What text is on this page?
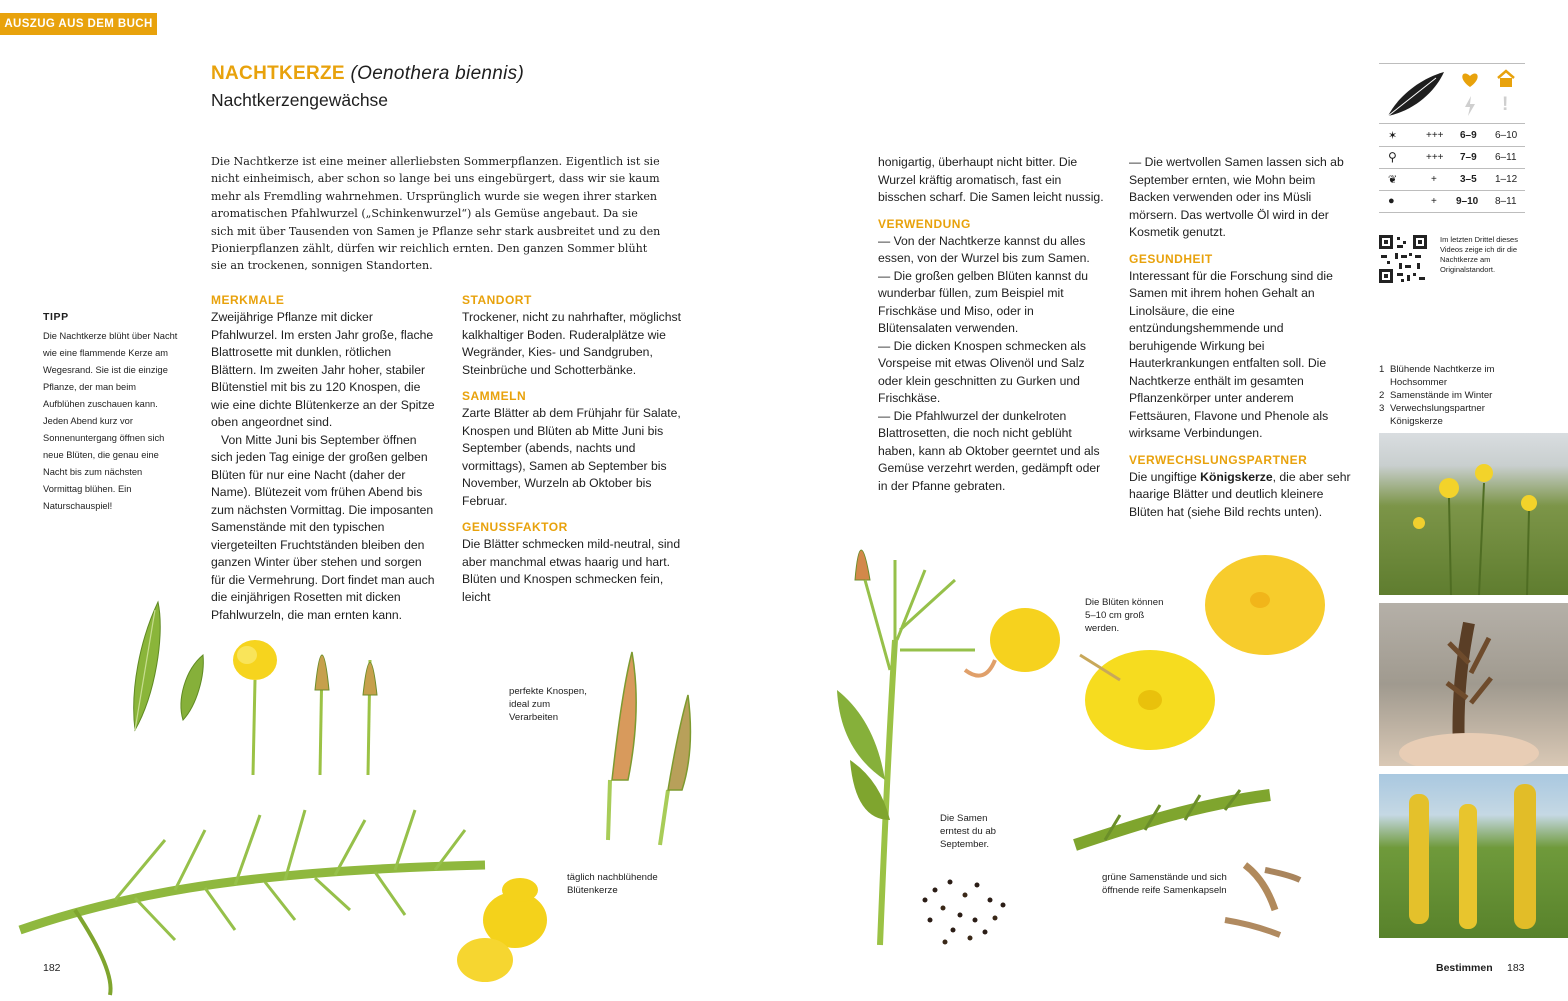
AUSZUG AUS DEM BUCH
NACHTKERZE (Oenothera biennis)
Nachtkerzengewächse
Die Nachtkerze ist eine meiner allerliebsten Sommerpflanzen. Eigentlich ist sie nicht einheimisch, aber schon so lange bei uns eingebürgert, dass wir sie kaum mehr als Fremdling wahrnehmen. Ursprünglich wurde sie wegen ihrer starken aromatischen Pfahlwurzel („Schinkenwurzel“) als Gemüse angebaut. Da sie sich mit über Tausenden von Samen je Pflanze sehr stark ausbreitet und zu den Pionierpflanzen zählt, dürfen wir reichlich ernten. Den ganzen Sommer blüht sie an trockenen, sonnigen Standorten.
TIPP
Die Nachtkerze blüht über Nacht wie eine flammende Kerze am Wegesrand. Sie ist die einzige Pflanze, der man beim Aufblühen zuschauen kann. Jeden Abend kurz vor Sonnenuntergang öffnen sich neue Blüten, die genau eine Nacht bis zum nächsten Vormittag blühen. Ein Naturschauspiel!
MERKMALE

Zweijährige Pflanze mit dicker Pfahlwurzel. Im ersten Jahr große, flache Blattrosette mit dunklen, rötlichen Blättern. Im zweiten Jahr hoher, stabiler Blütenstiel mit bis zu 120 Knospen, die wie eine dichte Blütenkerze an der Spitze oben angeordnet sind.

Von Mitte Juni bis September öffnen sich jeden Tag einige der großen gelben Blüten für nur eine Nacht (daher der Name). Blütezeit vom frühen Abend bis zum nächsten Vormittag. Die imposanten Samenstände mit den typischen viergeteilten Fruchtständen bleiben den ganzen Winter über stehen und sorgen für die Vermehrung. Dort findet man auch die einjährigen Rosetten mit dicken Pfahlwurzeln, die man ernten kann.

STANDORT

Trockener, nicht zu nahrhafter, möglichst kalkhaltiger Boden. Ruderalplätze wie Wegränder, Kies- und Sandgruben, Steinbrüche und Schotterbänke.

SAMMELN

Zarte Blätter ab dem Frühjahr für Salate, Knospen und Blüten ab Mitte Juni bis September (abends, nachts und vormittags), Samen ab September bis November, Wurzeln ab Oktober bis Februar.

GENUSSFAKTOR

Die Blätter schmecken mild-neutral, sind aber manchmal etwas haarig und hart. Blüten und Knospen schmecken fein, leicht

honigartig, überhaupt nicht bitter. Die Wurzel kräftig aromatisch, fast ein bisschen scharf. Die Samen leicht nussig.

VERWENDUNG

— Von der Nachtkerze kannst du alles essen, von der Wurzel bis zum Samen.

— Die großen gelben Blüten kannst du wunderbar füllen, zum Beispiel mit Frischkäse und Miso, oder in Blütensalaten verwenden.

— Die dicken Knospen schmecken als Vorspeise mit etwas Olivenöl und Salz oder klein geschnitten zu Gurken und Frischkäse.

— Die Pfahlwurzel der dunkelroten Blattrosetten, die noch nicht geblüht haben, kann ab Oktober geerntet und als Gemüse verzehrt werden, gedämpft oder in der Pfanne gebraten.

— Die wertvollen Samen lassen sich ab September ernten, wie Mohn beim Backen verwenden oder ins Müsli mörsern. Das wertvolle Öl wird in der Kosmetik genutzt.

GESUNDHEIT

Interessant für die Forschung sind die Samen mit ihrem hohen Gehalt an Linolsäure, die eine entzündungshemmende und beruhigende Wirkung bei Hauterkrankungen entfalten soll. Die Nachtkerze enthält im gesamten Pflanzenkörper unter anderem Fettsäuren, Flavone und Phenole als wirksame Verbindungen.

VERWECHSLUNGSPARTNER

Die ungiftige Königskerze, die aber sehr haarige Blätter und deutlich kleinere Blüten hat (siehe Bild rechts unten).

perfekte Knospen, ideal zum Verarbeiten
täglich nachblühende Blütenkerze
Die Blüten können 5–10 cm groß werden.
Die Samen erntest du ab September.
grüne Samenstände und sich öffnende reife Samenkapseln
!
✶	+++ 6–9 6–10
⚲	+++ 7–9 6–11
❦	+ 3–5 1–12
●	+ 9–10 8–11
Im letzten Drittel dieses Videos zeige ich dir die Nachtkerze am Originalstandort.
1 Blühende Nachtkerze im Hochsommer
2 Samenstände im Winter
3 Verwechslungspartner Königskerze
182	Bestimmen 183
